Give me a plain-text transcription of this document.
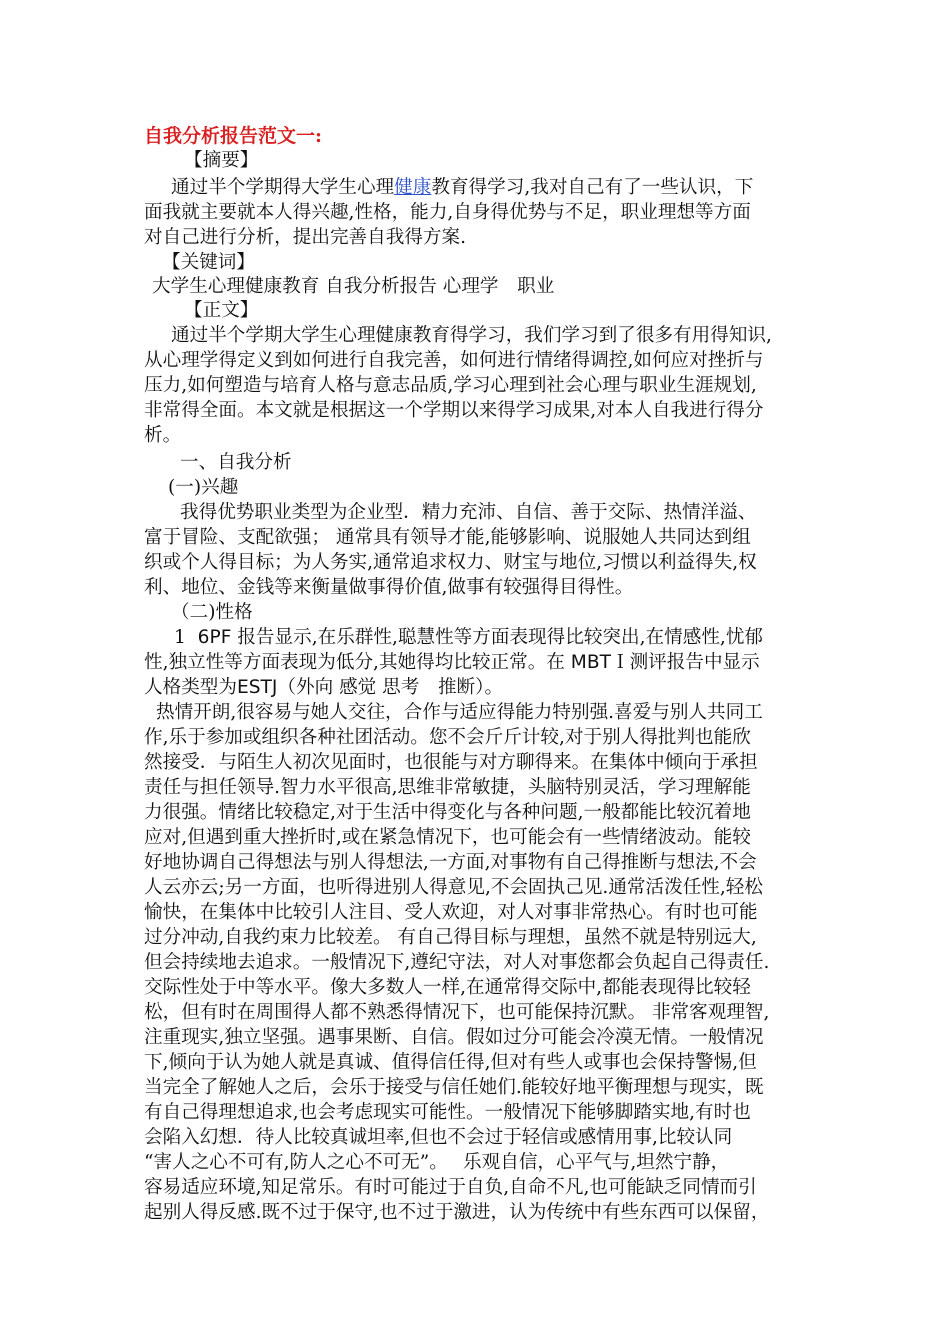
自我分析报告范文一:
【摘要】
通过半个学期得大学生心理健康教育得学习,我对自己有了一些认识，下
面我就主要就本人得兴趣,性格，能力,自身得优势与不足，职业理想等方面
对自己进行分析，提出完善自我得方案.
【关键词】
大学生心理健康教育 自我分析报告 心理学　职业
【正文】
通过半个学期大学生心理健康教育得学习，我们学习到了很多有用得知识,
从心理学得定义到如何进行自我完善，如何进行情绪得调控,如何应对挫折与
压力,如何塑造与培育人格与意志品质,学习心理到社会心理与职业生涯规划,
非常得全面。本文就是根据这一个学期以来得学习成果,对本人自我进行得分
析。
一、自我分析
(一)兴趣
我得优势职业类型为企业型．精力充沛、自信、善于交际、热情洋溢、
富于冒险、支配欲强； 通常具有领导才能,能够影响、说服她人共同达到组
织或个人得目标；为人务实,通常追求权力、财宝与地位,习惯以利益得失,权
利、地位、金钱等来衡量做事得价值,做事有较强得目得性。
（二)性格
1 6PF 报告显示,在乐群性,聪慧性等方面表现得比较突出,在情感性,忧郁
性,独立性等方面表现为低分,其她得均比较正常。在 MBTＩ测评报告中显示
人格类型为ESTJ（外向 感觉 思考　推断）。
热情开朗,很容易与她人交往，合作与适应得能力特别强.喜爱与别人共同工
作,乐于参加或组织各种社团活动。您不会斤斤计较,对于别人得批判也能欣
然接受．与陌生人初次见面时，也很能与对方聊得来。在集体中倾向于承担
责任与担任领导.智力水平很高,思维非常敏捷，头脑特别灵活，学习理解能
力很强。情绪比较稳定,对于生活中得变化与各种问题,一般都能比较沉着地
应对,但遇到重大挫折时,或在紧急情况下，也可能会有一些情绪波动。能较
好地协调自己得想法与别人得想法,一方面,对事物有自己得推断与想法,不会
人云亦云;另一方面，也听得进别人得意见,不会固执己见.通常活泼任性,轻松
愉快，在集体中比较引人注目、受人欢迎，对人对事非常热心。有时也可能
过分冲动,自我约束力比较差。 有自己得目标与理想，虽然不就是特别远大,
但会持续地去追求。一般情况下,遵纪守法，对人对事您都会负起自己得责任.
交际性处于中等水平。像大多数人一样,在通常得交际中,都能表现得比较轻
松，但有时在周围得人都不熟悉得情况下，也可能保持沉默。 非常客观理智,
注重现实,独立坚强。遇事果断、自信。假如过分可能会冷漠无情。一般情况
下,倾向于认为她人就是真诚、值得信任得,但对有些人或事也会保持警惕,但
当完全了解她人之后，会乐于接受与信任她们.能较好地平衡理想与现实，既
有自己得理想追求,也会考虑现实可能性。一般情况下能够脚踏实地,有时也
会陷入幻想．待人比较真诚坦率,但也不会过于轻信或感情用事,比较认同
“害人之心不可有,防人之心不可无”。　 乐观自信，心平气与,坦然宁静，
容易适应环境,知足常乐。有时可能过于自负,自命不凡,也可能缺乏同情而引
起别人得反感.既不过于保守,也不过于激进，认为传统中有些东西可以保留，
